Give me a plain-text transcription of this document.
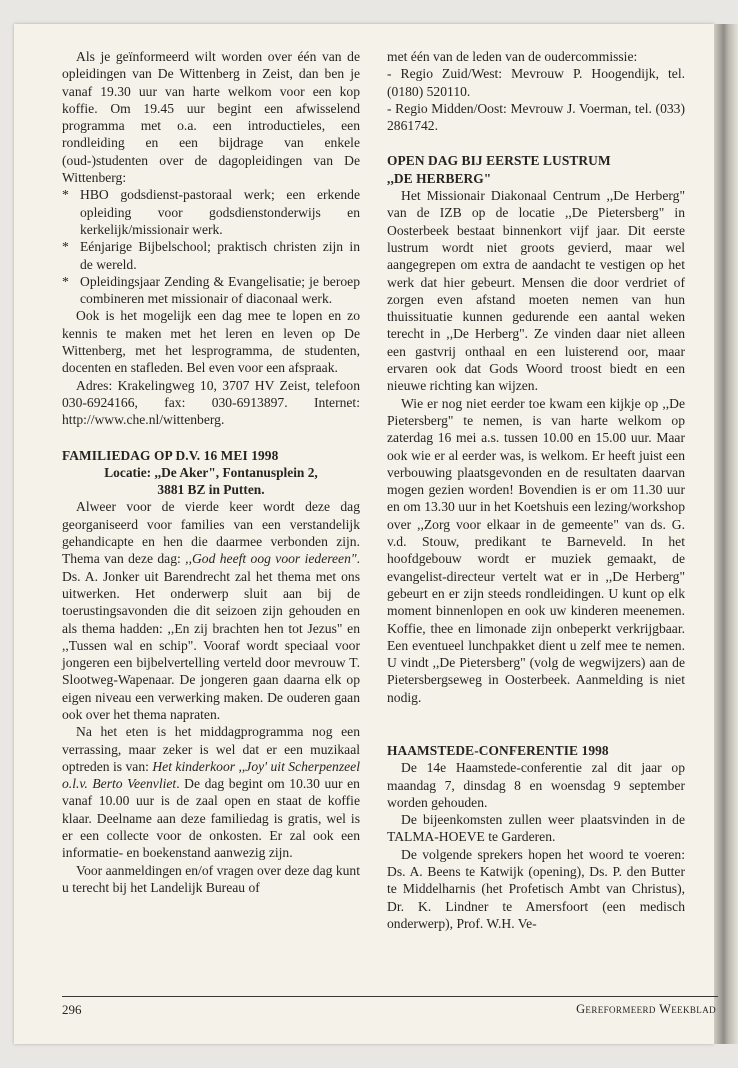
Als je geïnformeerd wilt worden over één van de opleidingen van De Wittenberg in Zeist, dan ben je vanaf 19.30 uur van harte welkom voor een kop koffie. Om 19.45 uur begint een afwisselend programma met o.a. een introductieles, een rondleiding en een bijdrage van enkele (oud-)studenten over de dagopleidingen van De Wittenberg:

* HBO godsdienst-pastoraal werk; een erkende opleiding voor godsdienstonderwijs en kerkelijk/missionair werk.
* Eénjarige Bijbelschool; praktisch christen zijn in de wereld.
* Opleidingsjaar Zending & Evangelisatie; je beroep combineren met missionair of diaconaal werk.

Ook is het mogelijk een dag mee te lopen en zo kennis te maken met het leren en leven op De Wittenberg, met het lesprogramma, de studenten, docenten en stafleden. Bel even voor een afspraak.

Adres: Krakelingweg 10, 3707 HV Zeist, telefoon 030-6924166, fax: 030-6913897. Internet: http://www.che.nl/wittenberg.

FAMILIEDAG OP D.V. 16 MEI 1998
Locatie: ,,De Aker", Fontanusplein 2,
3881 BZ in Putten.

Alweer voor de vierde keer wordt deze dag georganiseerd voor families van een verstandelijk gehandicapte en hen die daarmee verbonden zijn. Thema van deze dag: ,,God heeft oog voor iedereen". Ds. A. Jonker uit Barendrecht zal het thema met ons uitwerken. Het onderwerp sluit aan bij de toerustingsavonden die dit seizoen zijn gehouden en als thema hadden: ,,En zij brachten hen tot Jezus" en ,,Tussen wal en schip". Vooraf wordt speciaal voor jongeren een bijbelvertelling verteld door mevrouw T. Slootweg-Wapenaar. De jongeren gaan daarna elk op eigen niveau een verwerking maken. De ouderen gaan ook over het thema napraten.

Na het eten is het middagprogramma nog een verrassing, maar zeker is wel dat er een muzikaal optreden is van: Het kinderkoor ,,Joy' uit Scherpenzeel o.l.v. Berto Veenvliet. De dag begint om 10.30 uur en vanaf 10.00 uur is de zaal open en staat de koffie klaar. Deelname aan deze familiedag is gratis, wel is er een collecte voor de onkosten. Er zal ook een informatie- en boekenstand aanwezig zijn.

Voor aanmeldingen en/of vragen over deze dag kunt u terecht bij het Landelijk Bureau of

met één van de leden van de oudercommissie:

- Regio Zuid/West: Mevrouw P. Hoogendijk, tel. (0180) 520110.

- Regio Midden/Oost: Mevrouw J. Voerman, tel. (033) 2861742.

OPEN DAG BIJ EERSTE LUSTRUM
,,DE HERBERG"

Het Missionair Diakonaal Centrum ,,De Herberg" van de IZB op de locatie ,,De Pietersberg" in Oosterbeek bestaat binnenkort vijf jaar. Dit eerste lustrum wordt niet groots gevierd, maar wel aangegrepen om extra de aandacht te vestigen op het werk dat hier gebeurt. Mensen die door verdriet of zorgen even afstand moeten nemen van hun thuissituatie kunnen gedurende een aantal weken terecht in ,,De Herberg". Ze vinden daar niet alleen een gastvrij onthaal en een luisterend oor, maar ervaren ook dat Gods Woord troost biedt en een nieuwe richting kan wijzen.

Wie er nog niet eerder toe kwam een kijkje op ,,De Pietersberg" te nemen, is van harte welkom op zaterdag 16 mei a.s. tussen 10.00 en 15.00 uur. Maar ook wie er al eerder was, is welkom. Er heeft juist een verbouwing plaatsgevonden en de resultaten daarvan mogen gezien worden! Bovendien is er om 11.30 uur en om 13.30 uur in het Koetshuis een lezing/workshop over ,,Zorg voor elkaar in de gemeente" van ds. G. v.d. Stouw, predikant te Barneveld. In het hoofdgebouw wordt er muziek gemaakt, de evangelist-directeur vertelt wat er in ,,De Herberg" gebeurt en er zijn steeds rondleidingen. U kunt op elk moment binnenlopen en ook uw kinderen meenemen. Koffie, thee en limonade zijn onbeperkt verkrijgbaar. Een eventueel lunchpakket dient u zelf mee te nemen. U vindt ,,De Pietersberg" (volg de wegwijzers) aan de Pietersbergseweg in Oosterbeek. Aanmelding is niet nodig.

HAAMSTEDE-CONFERENTIE 1998

De 14e Haamstede-conferentie zal dit jaar op maandag 7, dinsdag 8 en woensdag 9 september worden gehouden.

De bijeenkomsten zullen weer plaatsvinden in de TALMA-HOEVE te Garderen.

De volgende sprekers hopen het woord te voeren: Ds. A. Beens te Katwijk (opening), Ds. P. den Butter te Middelharnis (het Profetisch Ambt van Christus), Dr. K. Lindner te Amersfoort (een medisch onderwerp), Prof. W.H. Ve-

296	Gereformeerd Weekblad
